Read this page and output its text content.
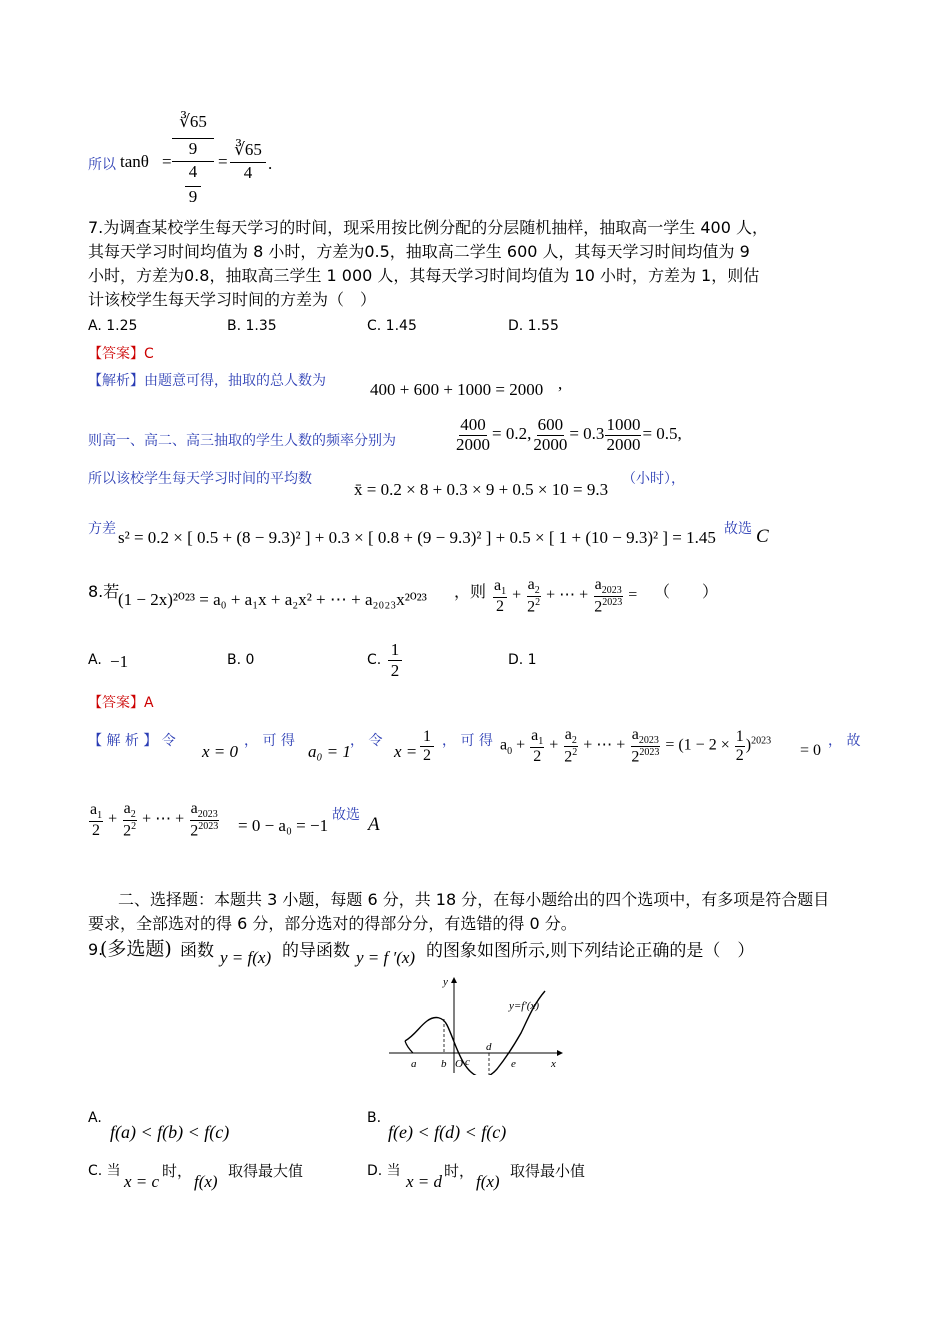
所以 tanθ =
∛65
9
4
9
=
∛65
4 .
7.为调查某校学生每天学习的时间，现采用按比例分配的分层随机抽样，抽取高一学生 400 人，
其每天学习时间均值为 8 小时，方差为0.5，抽取高二学生 600 人，其每天学习时间均值为 9
小时，方差为0.8，抽取高三学生 1 000 人，其每天学习时间均值为 10 小时，方差为 1，则估
计该校学生每天学习时间的方差为（　）
A. 1.25	B. 1.35	C. 1.45	D. 1.55
【答案】C
【解析】由题意可得，抽取的总人数为	400 + 600 + 1000 = 2000 ,
则高一、高二、高三抽取的学生人数的频率分别为	$\frac{400}{2000} = 0.2$, $\frac{600}{2000} = 0.3 \frac{1000}{2000} = 0.5$,
所以该校学生每天学习时间的平均数
x̄ = 0.2 × 8 + 0.3 × 9 + 0.5 × 10 = 9.3
（小时），
方差 s² = 0.2 × [ 0.5 + (8 − 9.3)² ] + 0.3 × [ 0.8 + (9 − 9.3)² ] + 0.5 × [ 1 + (10 − 9.3)² ] = 1.45 故选 C
8.若
(1 − 2x)²⁰²³ = a₀ + a₁x + a₂x² + ⋯ + a₂₀₂₃x²⁰²³ ，则 $\frac{a_1}{2} + \frac{a_2}{2^2}$ + ⋯ + $\frac{a_{2023}}{2^{2023}}$ = （　　）
A. −1	B. 0	C.
1
2
D. 1
【答案】A
【 解 析 】 令
x = 0
， 可 得
a₀ = 1
， 令
x =
1
2
， 可 得 $a_0 + \frac{a_1}{2} + \frac{a_2}{2^2}$ + ⋯ + $\frac{a_{2023}}{2^{2023}} = (1 - 2 \times \frac{1}{2} )^{2023}$
= 0
， 故
$\frac{a_1}{2} + \frac{a_2}{2^2}$ + ⋯ + $\frac{a_{2023}}{2^{2023}} = 0 - a_0 = -1$
故选 A
二、选择题：本题共 3 小题，每题 6 分，共 18 分，在每小题给出的四个选项中，有多项是符合题目
要求，全部选对的得 6 分，部分选对的得部分分，有选错的得 0 分。
9.
(多选题) 函数 y = f(x) 的导函数 y = f ′(x) 的图象如图所示,则下列结论正确的是（　）
y
x
y=f′(x)
a b O c
d
e
A.
f(a) < f(b) < f(c)
B.
f(e) < f(d) < f(c)
C. 当
x = c
时，
f(x)
取得最大值	D. 当
x = d
时，
f(x)
取得最小值
